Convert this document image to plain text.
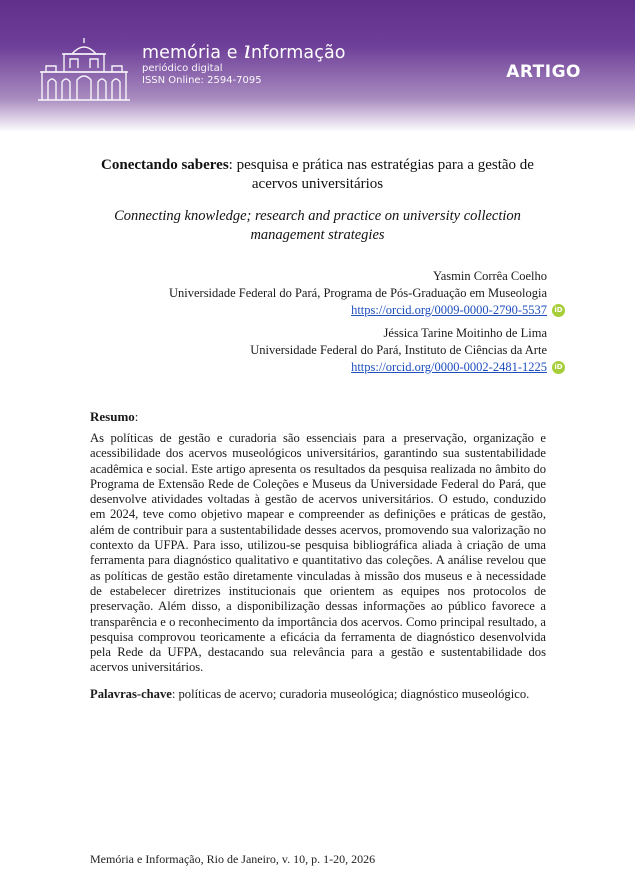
memória e ınformação
periódico digital
ISSN Online: 2594-7095	ARTIGO
Conectando saberes: pesquisa e prática nas estratégias para a gestão de acervos universitários
Connecting knowledge; research and practice on university collection management strategies
Yasmin Corrêa Coelho
Universidade Federal do Pará, Programa de Pós-Graduação em Museologia
https://orcid.org/0009-0000-2790-5537	iD
Jéssica Tarine Moitinho de Lima
Universidade Federal do Pará, Instituto de Ciências da Arte
https://orcid.org/0000-0002-2481-1225	iD
Resumo:
As políticas de gestão e curadoria são essenciais para a preservação, organização e acessibilidade dos acervos museológicos universitários, garantindo sua sustentabilidade acadêmica e social. Este artigo apresenta os resultados da pesquisa realizada no âmbito do Programa de Extensão Rede de Coleções e Museus da Universidade Federal do Pará, que desenvolve atividades voltadas à gestão de acervos universitários. O estudo, conduzido em 2024, teve como objetivo mapear e compreender as definições e práticas de gestão, além de contribuir para a sustentabilidade desses acervos, promovendo sua valorização no contexto da UFPA. Para isso, utilizou-se pesquisa bibliográfica aliada à criação de uma ferramenta para diagnóstico qualitativo e quantitativo das coleções. A análise revelou que as políticas de gestão estão diretamente vinculadas à missão dos museus e à necessidade de estabelecer diretrizes institucionais que orientem as equipes nos protocolos de preservação. Além disso, a disponibilização dessas informações ao público favorece a transparência e o reconhecimento da importância dos acervos. Como principal resultado, a pesquisa comprovou teoricamente a eficácia da ferramenta de diagnóstico desenvolvida pela Rede da UFPA, destacando sua relevância para a gestão e sustentabilidade dos acervos universitários.
Palavras-chave: políticas de acervo; curadoria museológica; diagnóstico museológico.
Memória e Informação, Rio de Janeiro, v. 10, p. 1-20, 2026
